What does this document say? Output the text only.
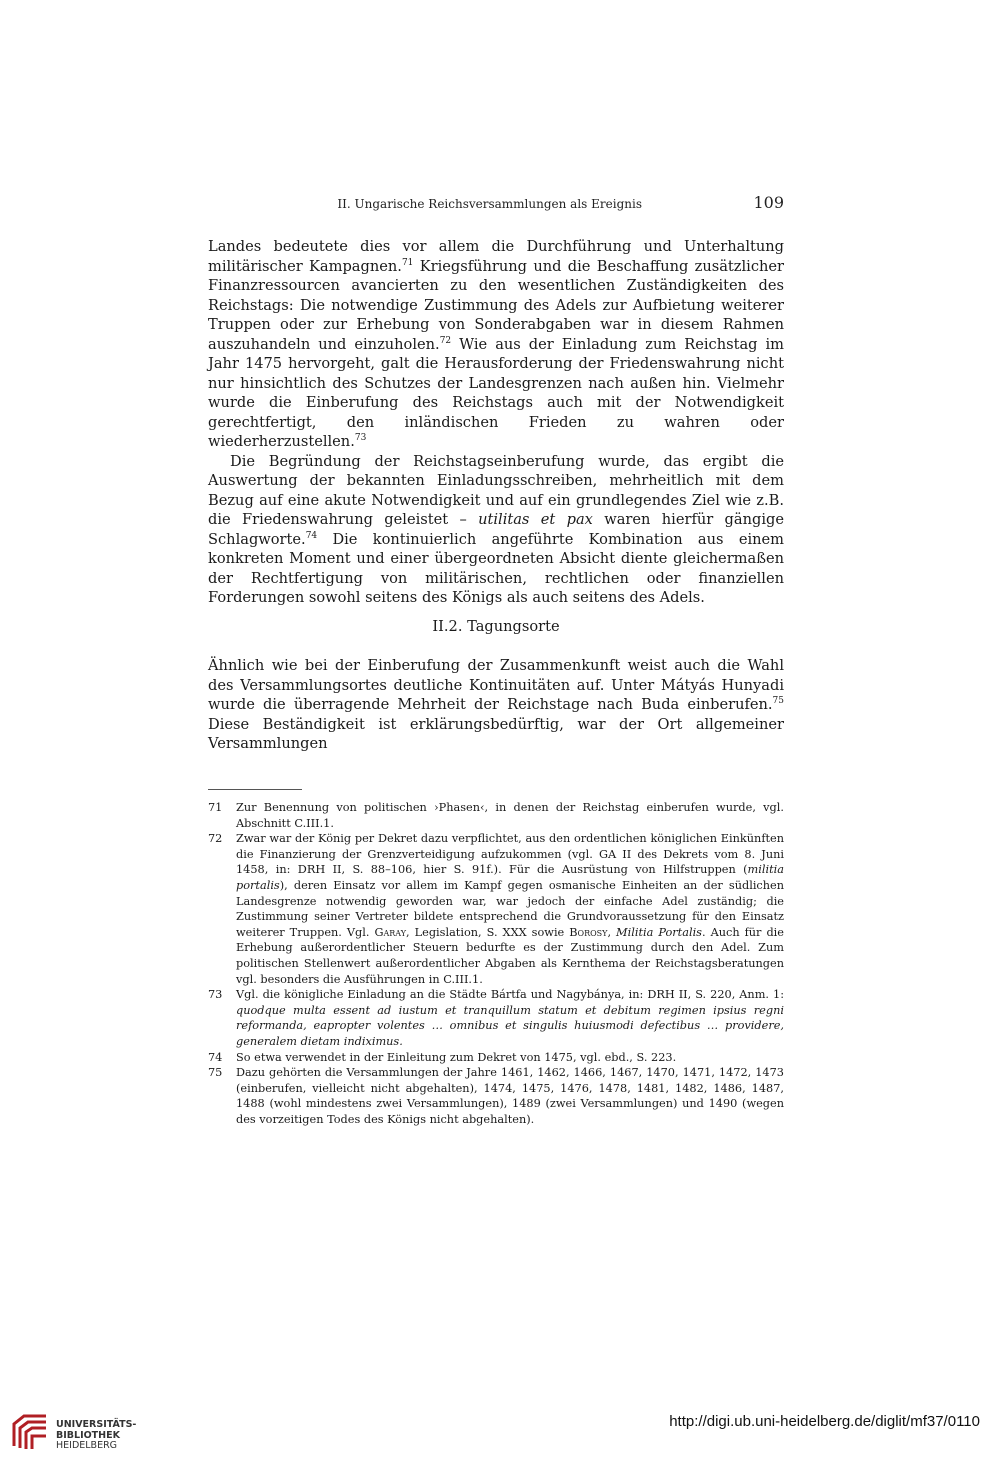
II. Ungarische Reichsversammlungen als Ereignis	109

Landes bedeutete dies vor allem die Durchführung und Unterhaltung militärischer Kampagnen.$^{71}$ Kriegsführung und die Beschaffung zusätzlicher Finanzressourcen avancierten zu den wesentlichen Zuständigkeiten des Reichstags: Die notwendige Zustimmung des Adels zur Aufbietung weiterer Truppen oder zur Erhebung von Sonderabgaben war in diesem Rahmen auszuhandeln und einzuholen.$^{72}$ Wie aus der Einladung zum Reichstag im Jahr 1475 hervorgeht, galt die Herausforderung der Friedenswahrung nicht nur hinsichtlich des Schutzes der Landesgrenzen nach außen hin. Vielmehr wurde die Einberufung des Reichstags auch mit der Notwendigkeit gerechtfertigt, den inländischen Frieden zu wahren oder wiederherzustellen.$^{73}$

Die Begründung der Reichstagseinberufung wurde, das ergibt die Auswertung der bekannten Einladungsschreiben, mehrheitlich mit dem Bezug auf eine akute Notwendigkeit und auf ein grundlegendes Ziel wie z.B. die Friedenswahrung geleistet – utilitas et pax waren hierfür gängige Schlagworte.$^{74}$ Die kontinuierlich angeführte Kombination aus einem konkreten Moment und einer übergeordneten Absicht diente gleichermaßen der Rechtfertigung von militärischen, rechtlichen oder finanziellen Forderungen sowohl seitens des Königs als auch seitens des Adels.

II.2. Tagungsorte

Ähnlich wie bei der Einberufung der Zusammenkunft weist auch die Wahl des Versammlungsortes deutliche Kontinuitäten auf. Unter Mátyás Hunyadi wurde die überragende Mehrheit der Reichstage nach Buda einberufen.$^{75}$ Diese Beständigkeit ist erklärungsbedürftig, war der Ort allgemeiner Versammlungen

71	Zur Benennung von politischen ›Phasen‹, in denen der Reichstag einberufen wurde, vgl. Abschnitt C.III.1.
72	Zwar war der König per Dekret dazu verpflichtet, aus den ordentlichen königlichen Einkünften die Finanzierung der Grenzverteidigung aufzukommen (vgl. GA II des Dekrets vom 8. Juni 1458, in: DRH II, S. 88–106, hier S. 91f.). Für die Ausrüstung von Hilfstruppen (militia portalis), deren Einsatz vor allem im Kampf gegen osmanische Einheiten an der südlichen Landesgrenze notwendig geworden war, war jedoch der einfache Adel zuständig; die Zustimmung seiner Vertreter bildete entsprechend die Grundvoraussetzung für den Einsatz weiterer Truppen. Vgl. Garay, Legislation, S. XXX sowie Borosy, Militia Portalis. Auch für die Erhebung außerordentlicher Steuern bedurfte es der Zustimmung durch den Adel. Zum politischen Stellenwert außerordentlicher Abgaben als Kernthema der Reichstagsberatungen vgl. besonders die Ausführungen in C.III.1.
73	Vgl. die königliche Einladung an die Städte Bártfa und Nagybánya, in: DRH II, S. 220, Anm. 1: quodque multa essent ad iustum et tranquillum statum et debitum regimen ipsius regni reformanda, eapropter volentes … omnibus et singulis huiusmodi defectibus … providere, generalem dietam indiximus.
74	So etwa verwendet in der Einleitung zum Dekret von 1475, vgl. ebd., S. 223.
75	Dazu gehörten die Versammlungen der Jahre 1461, 1462, 1466, 1467, 1470, 1471, 1472, 1473 (einberufen, vielleicht nicht abgehalten), 1474, 1475, 1476, 1478, 1481, 1482, 1486, 1487, 1488 (wohl mindestens zwei Versammlungen), 1489 (zwei Versammlungen) und 1490 (wegen des vorzeitigen Todes des Königs nicht abgehalten).
UNIVERSITÄTS-
BIBLIOTHEK
HEIDELBERG
http://digi.ub.uni-heidelberg.de/diglit/mf37/0110
